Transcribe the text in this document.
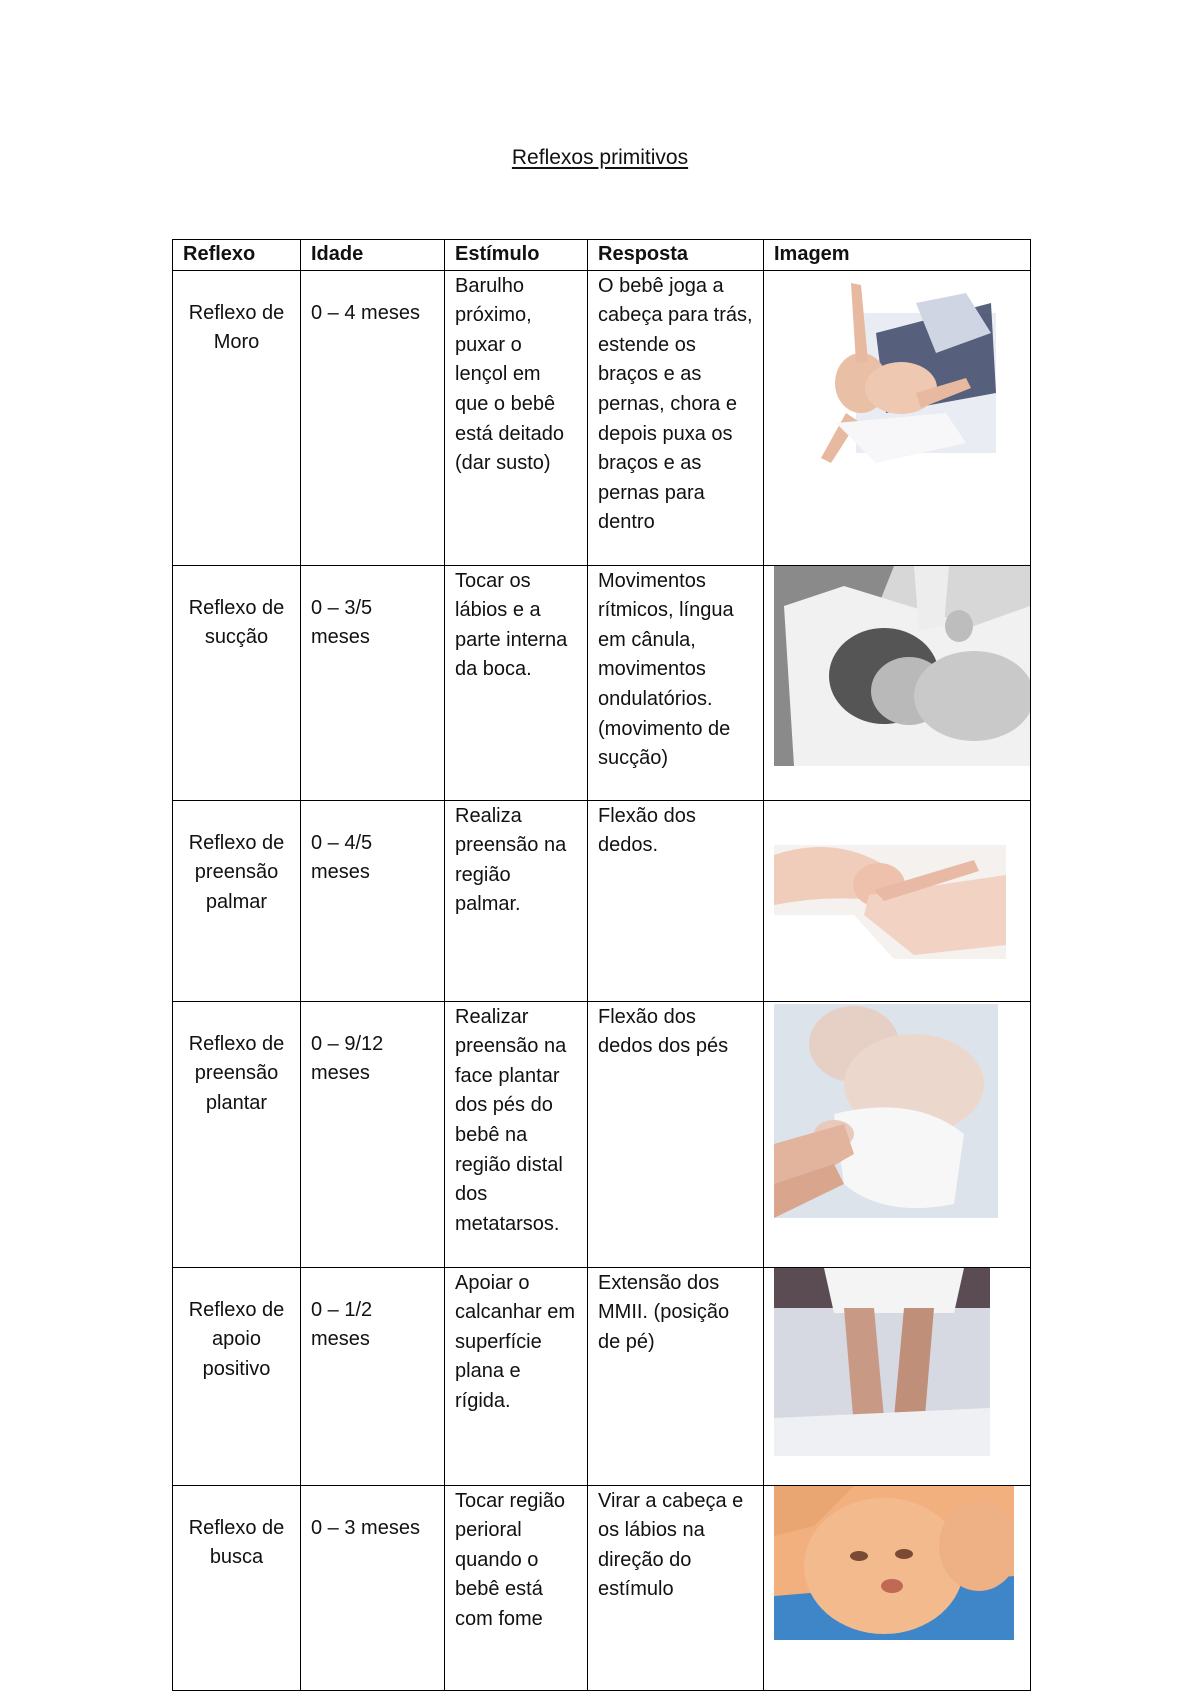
Reflexos primitivos
Reflexo	Idade	Estímulo	Resposta	Imagem

Reflexo de Moro	0 – 4 meses	Barulho próximo, puxar o lençol em que o bebê está deitado (dar susto)	O bebê joga a cabeça para trás, estende os braços e as pernas, chora e depois puxa os braços e as pernas para dentro

Reflexo de sucção	0 – 3/5 meses	Tocar os lábios e a parte interna da boca.	Movimentos rítmicos, língua em cânula, movimentos ondulatórios. (movimento de sucção)

Reflexo de preensão palmar	0 – 4/5 meses	Realiza preensão na região palmar.	Flexão dos dedos.

Reflexo de preensão plantar	0 – 9/12 meses	Realizar preensão na face plantar dos pés do bebê na região distal dos metatarsos.	Flexão dos dedos dos pés

Reflexo de apoio positivo	0 – 1/2 meses	Apoiar o calcanhar em superfície plana e rígida.	Extensão dos MMII. (posição de pé)

Reflexo de busca	0 – 3 meses	Tocar região perioral quando o bebê está com fome	Virar a cabeça e os lábios na direção do estímulo
